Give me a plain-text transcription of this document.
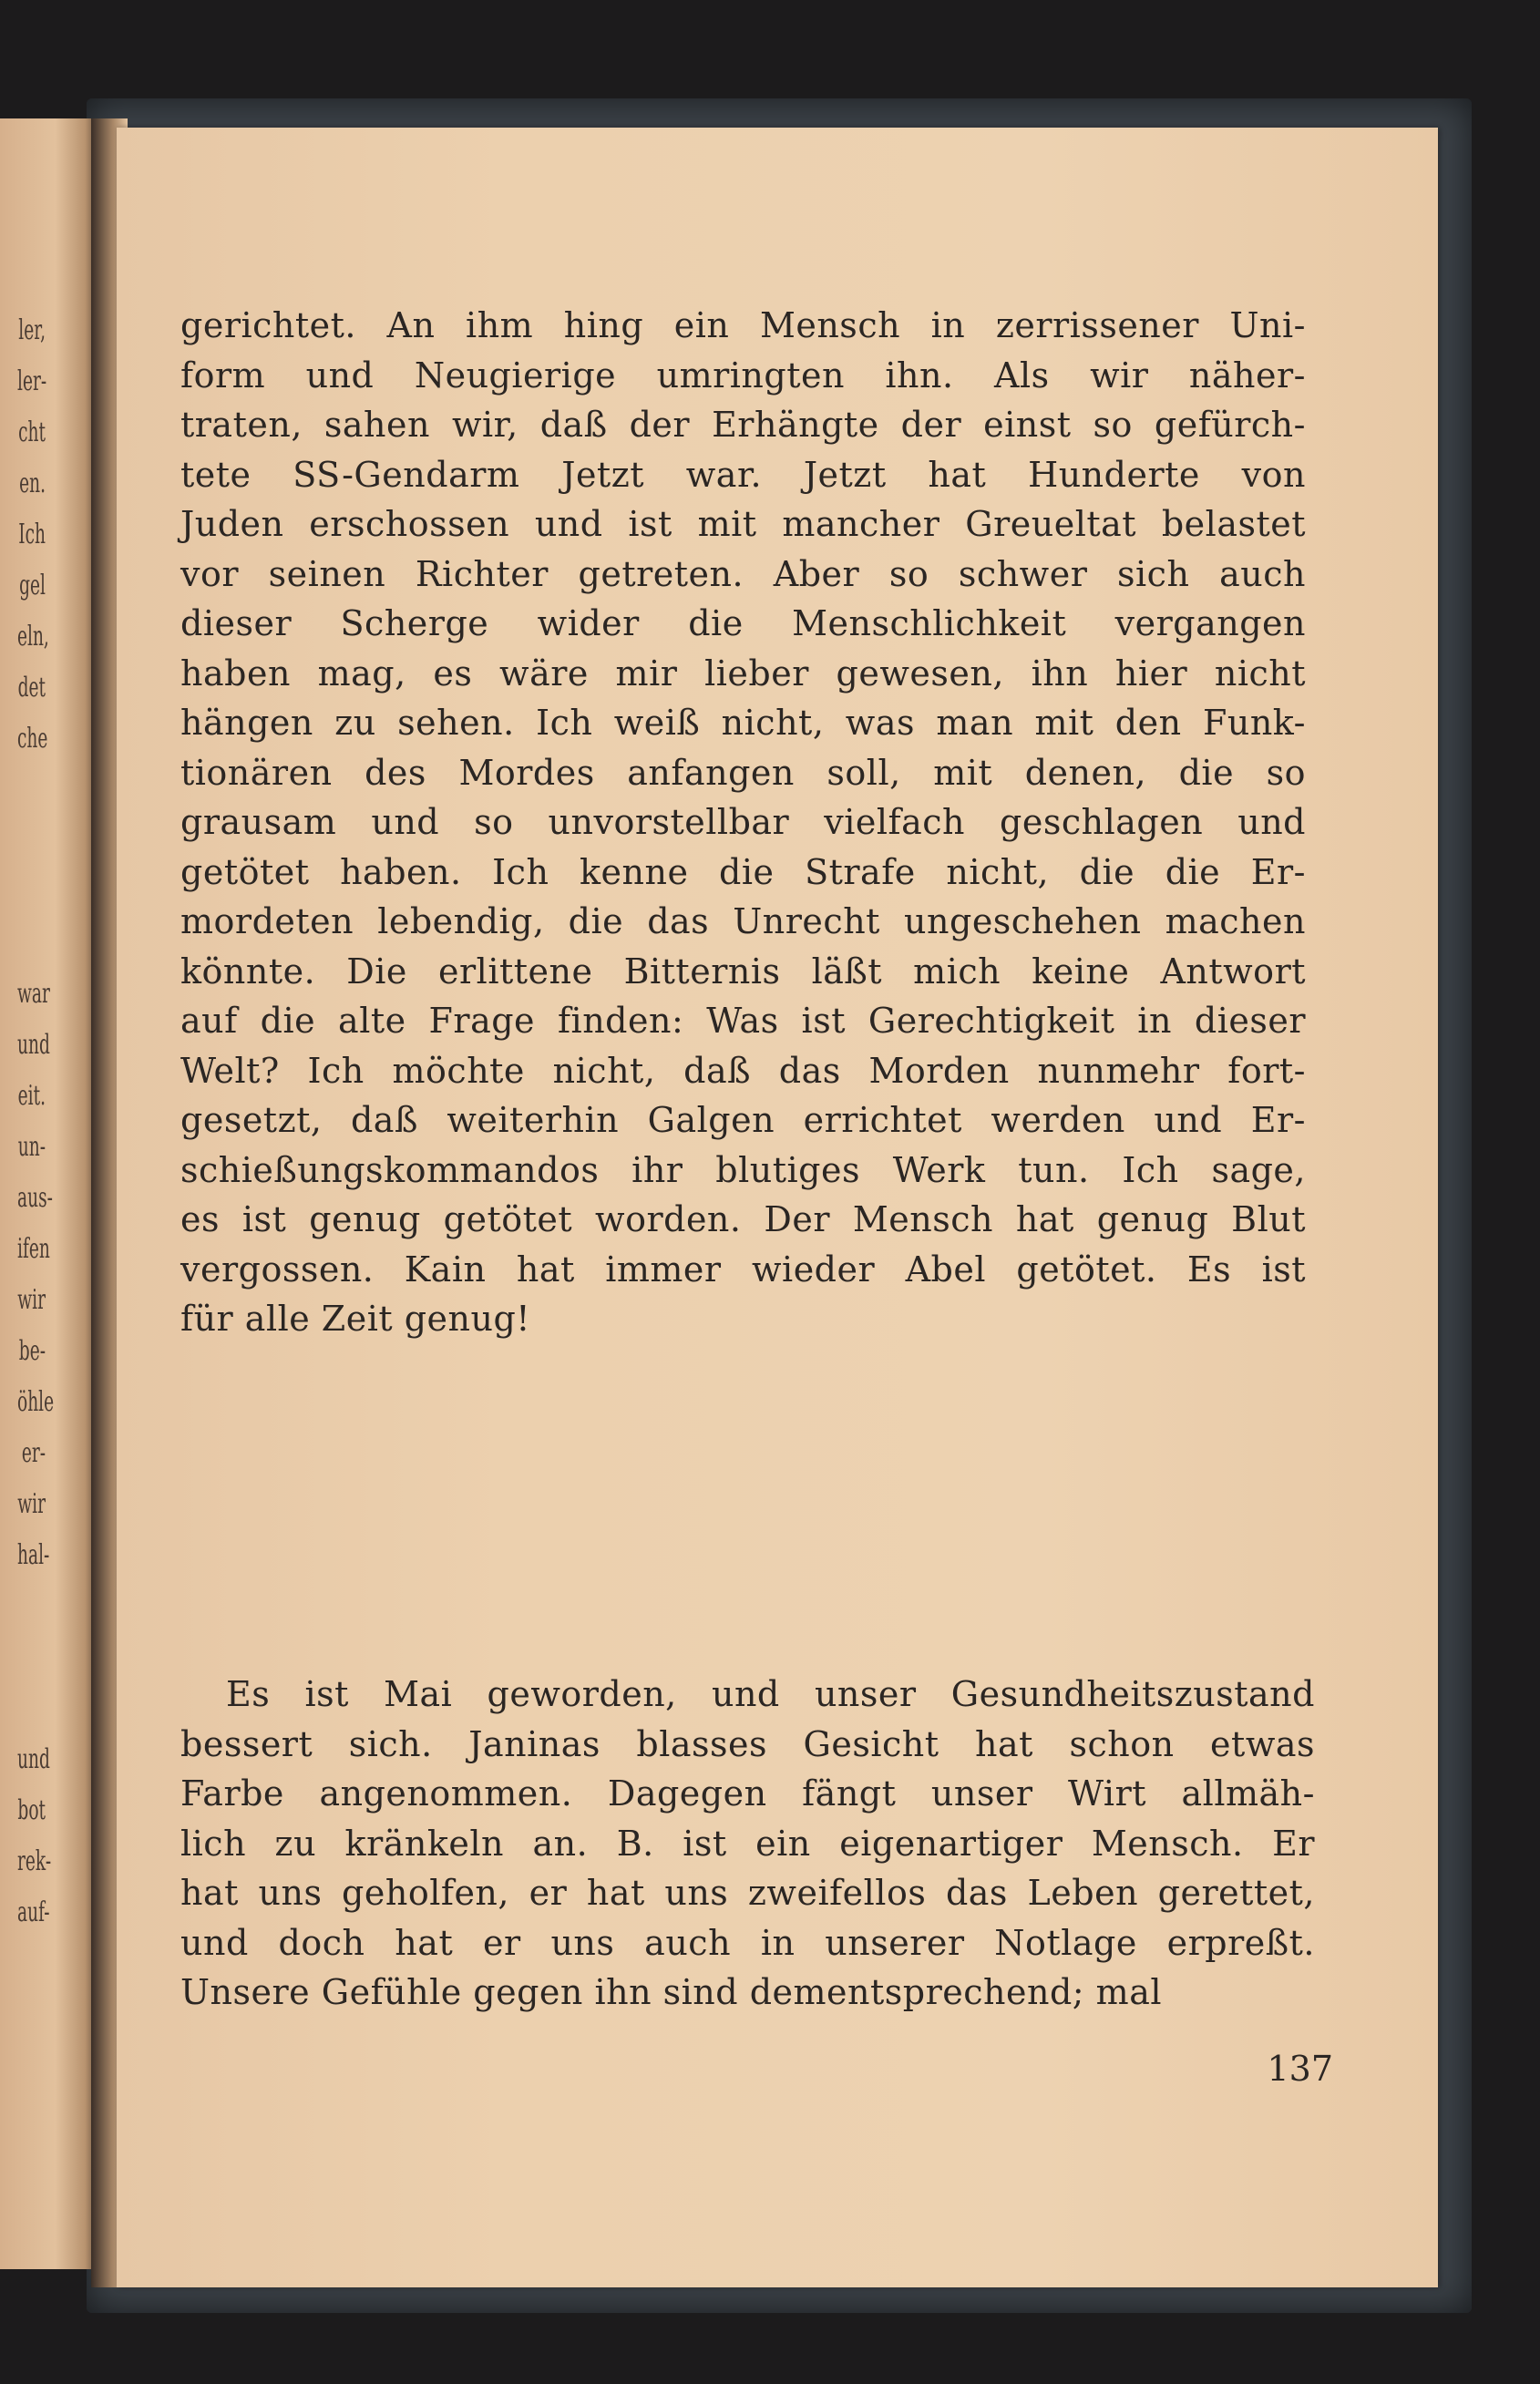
ler,
ler-
cht
en.
Ich
gel
eln,
det
che
war
und
eit.
un-
aus-
ifen
wir
be-
öhle
er-
wir
hal-
und
bot
rek-
auf-
gerichtet. An ihm hing ein Mensch in zerrissener Uni-
form und Neugierige umringten ihn. Als wir näher-
traten, sahen wir, daß der Erhängte der einst so gefürch-
tete SS-Gendarm Jetzt war. Jetzt hat Hunderte von
Juden erschossen und ist mit mancher Greueltat belastet
vor seinen Richter getreten. Aber so schwer sich auch
dieser Scherge wider die Menschlichkeit vergangen
haben mag, es wäre mir lieber gewesen, ihn hier nicht
hängen zu sehen. Ich weiß nicht, was man mit den Funk-
tionären des Mordes anfangen soll, mit denen, die so
grausam und so unvorstellbar vielfach geschlagen und
getötet haben. Ich kenne die Strafe nicht, die die Er-
mordeten lebendig, die das Unrecht ungeschehen machen
könnte. Die erlittene Bitternis läßt mich keine Antwort
auf die alte Frage finden: Was ist Gerechtigkeit in dieser
Welt? Ich möchte nicht, daß das Morden nunmehr fort-
gesetzt, daß weiterhin Galgen errichtet werden und Er-
schießungskommandos ihr blutiges Werk tun. Ich sage,
es ist genug getötet worden. Der Mensch hat genug Blut
vergossen. Kain hat immer wieder Abel getötet. Es ist
für alle Zeit genug!
Es ist Mai geworden, und unser Gesundheitszustand
bessert sich. Janinas blasses Gesicht hat schon etwas
Farbe angenommen. Dagegen fängt unser Wirt allmäh-
lich zu kränkeln an. B. ist ein eigenartiger Mensch. Er
hat uns geholfen, er hat uns zweifellos das Leben gerettet,
und doch hat er uns auch in unserer Notlage erpreßt.
Unsere Gefühle gegen ihn sind dementsprechend; mal
137
